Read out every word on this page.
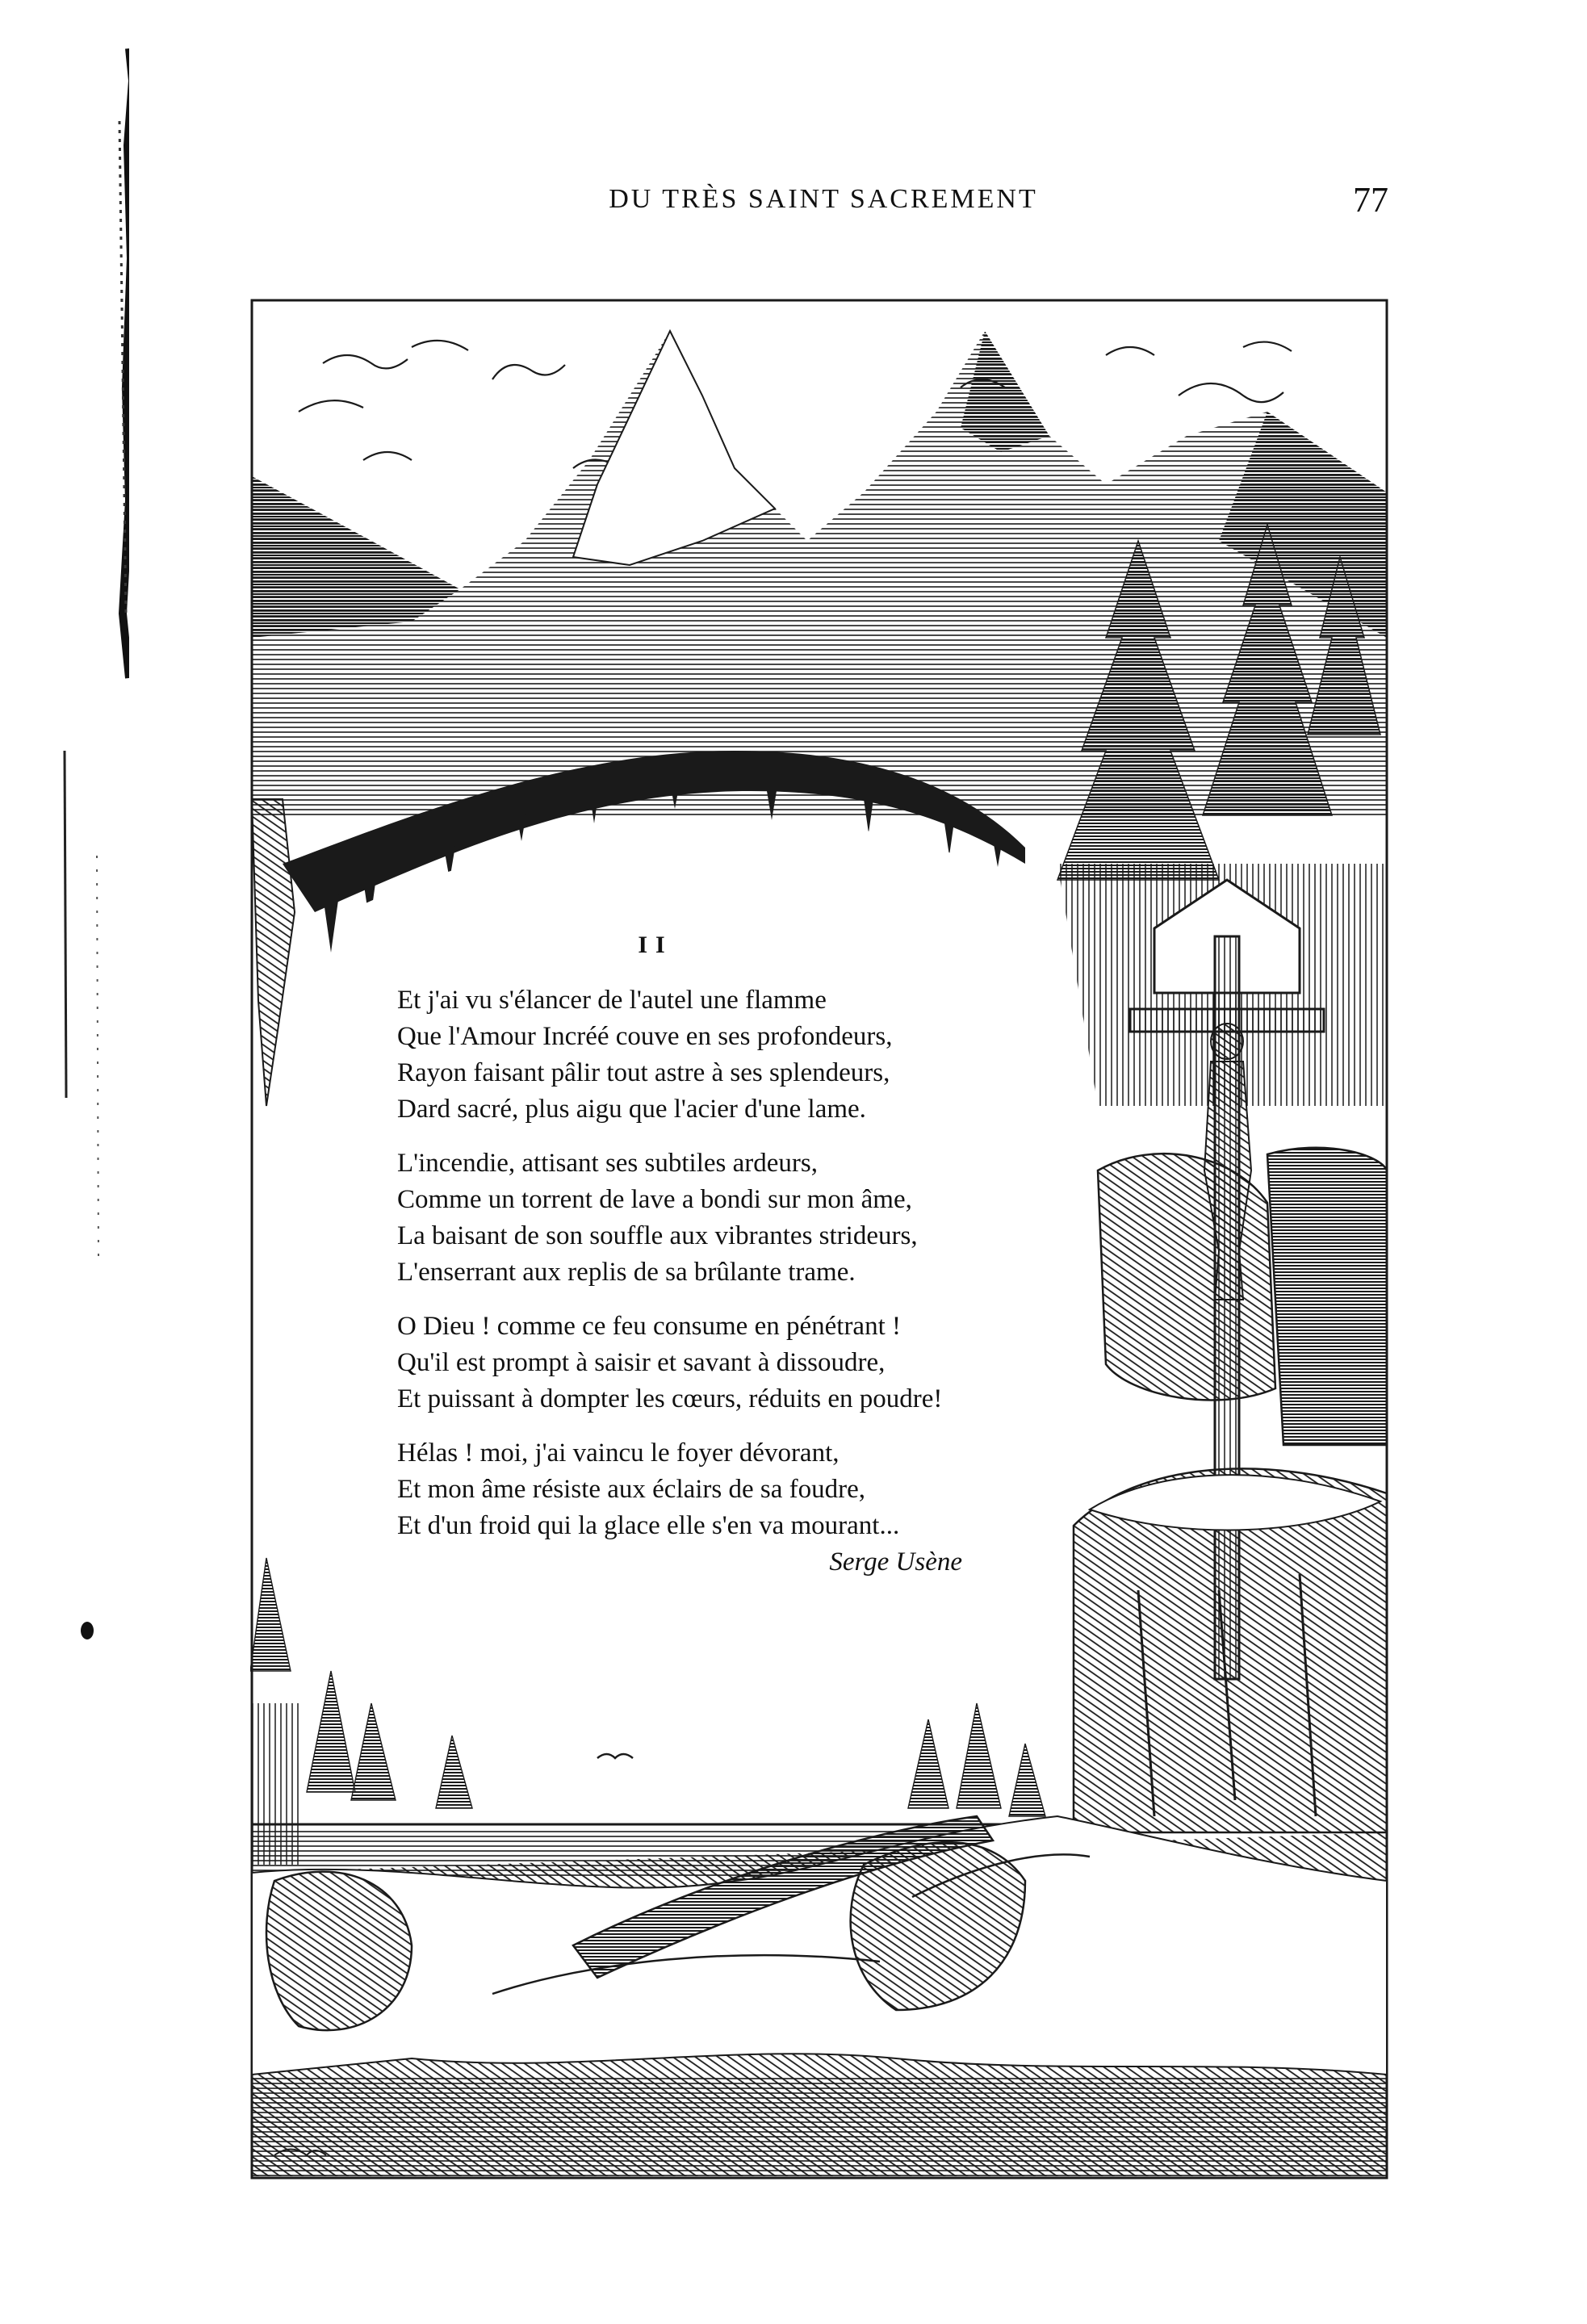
DU TRÈS SAINT SACREMENT	77
II
Et j'ai vu s'élancer de l'autel une flamme
Que l'Amour Incréé couve en ses profondeurs,
Rayon faisant pâlir tout astre à ses splendeurs,
Dard sacré, plus aigu que l'acier d'une lame.
L'incendie, attisant ses subtiles ardeurs,
Comme un torrent de lave a bondi sur mon âme,
La baisant de son souffle aux vibrantes strideurs,
L'enserrant aux replis de sa brûlante trame.
O Dieu ! comme ce feu consume en pénétrant !
Qu'il est prompt à saisir et savant à dissoudre,
Et puissant à dompter les cœurs, réduits en poudre!
Hélas ! moi, j'ai vaincu le foyer dévorant,
Et mon âme résiste aux éclairs de sa foudre,
Et d'un froid qui la glace elle s'en va mourant...
Serge Usène
